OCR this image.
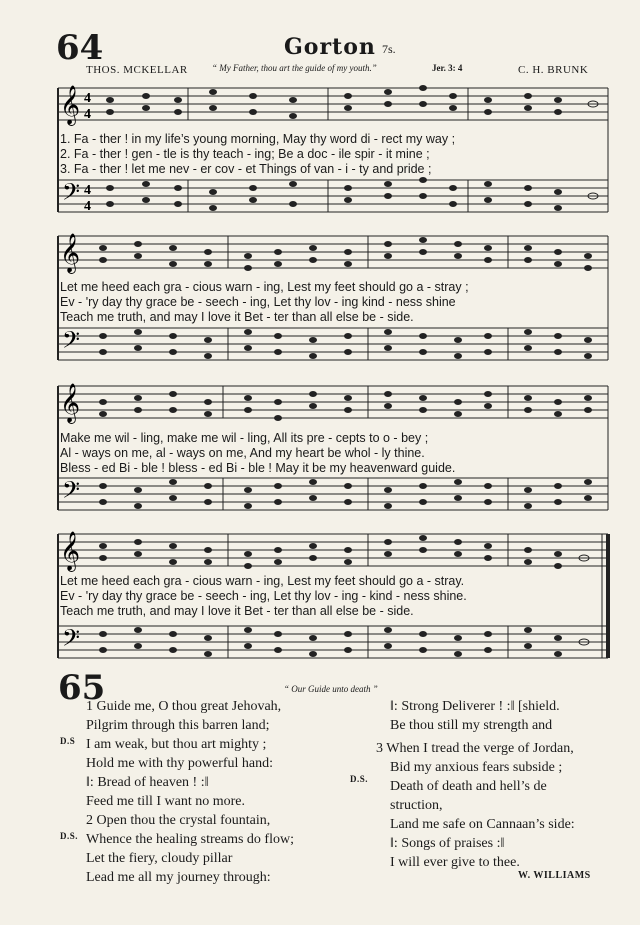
64	Gorton 7s.
THOS. MCKELLAR	“ My Father, thou art the guide of my youth.”	Jer. 3: 4	C. H. BRUNK
𝄞
𝄢
4
4
4
4
1. Fa - ther ! in my life’s young morning, May thy word di - rect my way ;
2. Fa - ther ! gen - tle is thy teach - ing; Be a doc - ile spir - it mine ;
3. Fa - ther ! let me nev - er cov - et Things of van - i - ty and pride ;
𝄞
𝄢
Let me heed each gra - cious warn - ing, Lest my feet should go a - stray ;
Ev - 'ry day thy grace be - seech - ing, Let thy lov - ing kind - ness shine
Teach me truth, and may I love it Bet - ter than all else be - side.
𝄞
𝄢
Make me wil - ling, make me wil - ling, All its pre - cepts to o - bey ;
Al - ways on me, al - ways on me, And my heart be whol - ly thine.
Bless - ed Bi - ble ! bless - ed Bi - ble ! May it be my heavenward guide.
𝄞
𝄢
Let me heed each gra - cious warn - ing, Lest my feet should go a - stray.
Ev - 'ry day thy grace be - seech - ing, Let thy lov - ing - kind - ness shine.
Teach me truth, and may I love it Bet - ter than all else be - side.
65	“ Our Guide unto death ”
1 Guide me, O thou great Jehovah,
Pilgrim through this barren land;
I am weak, but thou art mighty ;
Hold me with thy powerful hand:
‖: Bread of heaven ! :‖
Feed me till I want no more.
2 Open thou the crystal fountain,
Whence the healing streams do flow;
Let the fiery, cloudy pillar
Lead me all my journey through:
D.S
D.S.
‖: Strong Deliverer ! :‖ [shield.
Be thou still my strength and
3 When I tread the verge of Jordan,
Bid my anxious fears subside ;
Death of death and hell’s de
struction,
Land me safe on Cannaan’s side:
‖: Songs of praises :‖
I will ever give to thee.
D.S.
W. WILLIAMS
